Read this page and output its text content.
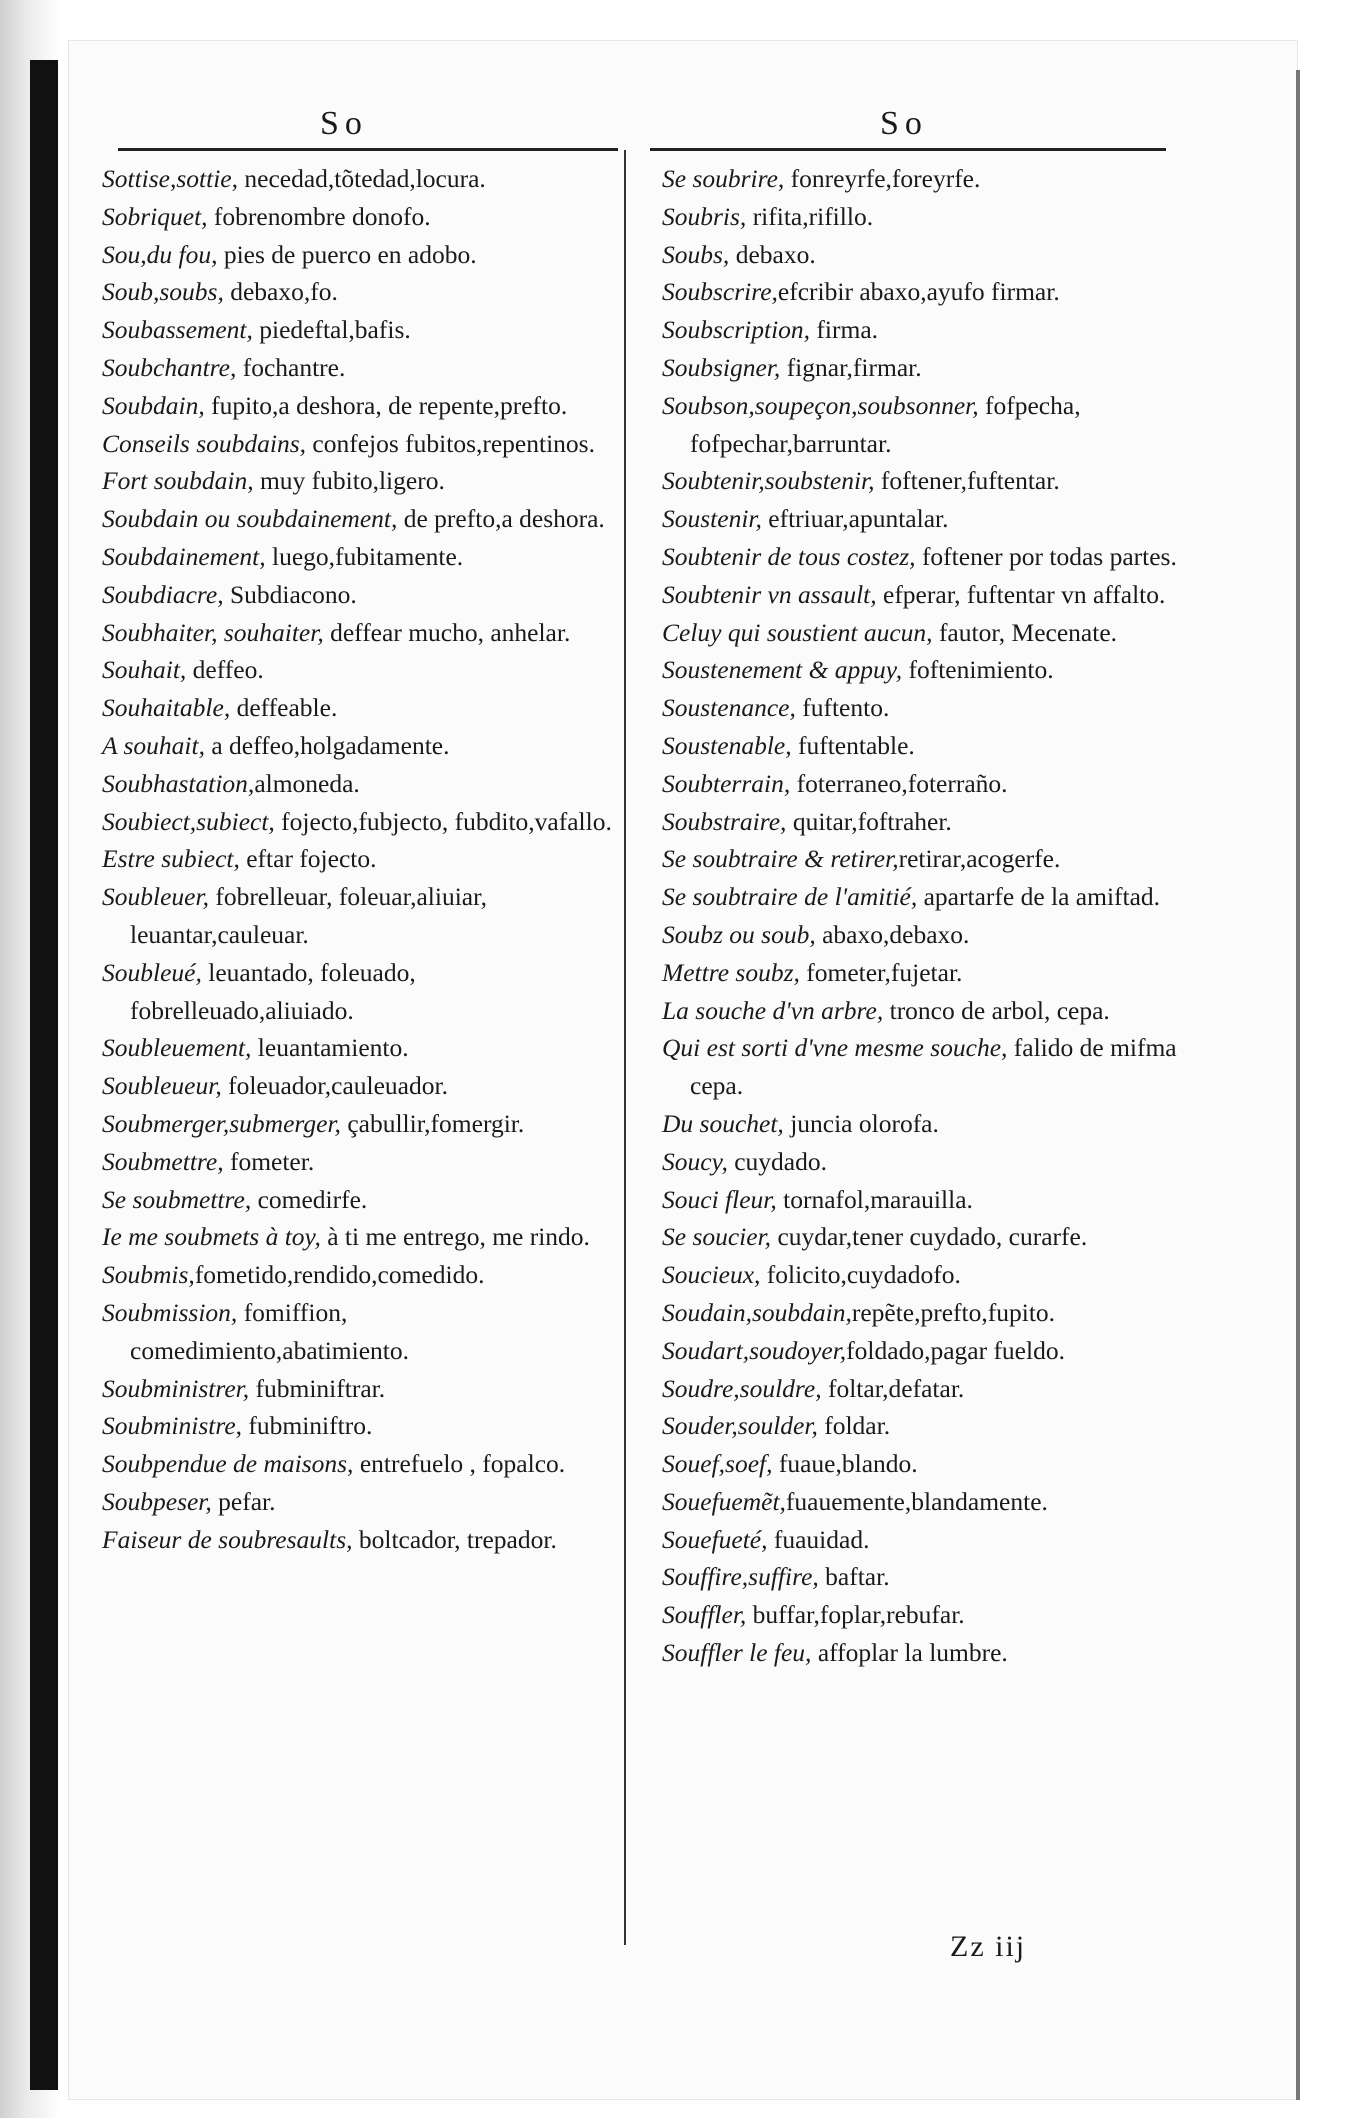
So	So

Sottise,sottie, necedad,tõtedad,locura.

Sobriquet, fobrenombre donofo.

Sou,du fou, pies de puerco en adobo.

Soub,soubs, debaxo,fo.

Soubassement, piedeftal,bafis.

Soubchantre, fochantre.

Soubdain, fupito,a deshora, de repente,prefto.

Conseils soubdains, confejos fubitos,repentinos.

Fort soubdain, muy fubito,ligero.

Soubdain ou soubdainement, de prefto,a deshora.

Soubdainement, luego,fubitamente.

Soubdiacre, Subdiacono.

Soubhaiter, souhaiter, deffear mucho, anhelar.

Souhait, deffeo.

Souhaitable, deffeable.

A souhait, a deffeo,holgadamente.

Soubhastation,almoneda.

Soubiect,subiect, fojecto,fubjecto, fubdito,vafallo.

Estre subiect, eftar fojecto.

Soubleuer, fobrelleuar, foleuar,aliuiar, leuantar,cauleuar.

Soubleué, leuantado, foleuado, fobrelleuado,aliuiado.

Soubleuement, leuantamiento.

Soubleueur, foleuador,cauleuador.

Soubmerger,submerger, çabullir,fomergir.

Soubmettre, fometer.

Se soubmettre, comedirfe.

Ie me soubmets à toy, à ti me entrego, me rindo.

Soubmis,fometido,rendido,comedido.

Soubmission, fomiffion, comedimiento,abatimiento.

Soubministrer, fubminiftrar.

Soubministre, fubminiftro.

Soubpendue de maisons, entrefuelo , fopalco.

Soubpeser, pefar.

Faiseur de soubresaults, boltcador, trepador.

Se soubrire, fonreyrfe,foreyrfe.

Soubris, rifita,rifillo.

Soubs, debaxo.

Soubscrire,efcribir abaxo,ayufo firmar.

Soubscription, firma.

Soubsigner, fignar,firmar.

Soubson,soupeçon,soubsonner, fofpecha, fofpechar,barruntar.

Soubtenir,soubstenir, foftener,fuftentar.

Soustenir, eftriuar,apuntalar.

Soubtenir de tous costez, foftener por todas partes.

Soubtenir vn assault, efperar, fuftentar vn affalto.

Celuy qui soustient aucun, fautor, Mecenate.

Soustenement & appuy, foftenimiento.

Soustenance, fuftento.

Soustenable, fuftentable.

Soubterrain, foterraneo,foterraño.

Soubstraire, quitar,foftraher.

Se soubtraire & retirer,retirar,acogerfe.

Se soubtraire de l'amitié, apartarfe de la amiftad.

Soubz ou soub, abaxo,debaxo.

Mettre soubz, fometer,fujetar.

La souche d'vn arbre, tronco de arbol, cepa.

Qui est sorti d'vne mesme souche, falido de mifma cepa.

Du souchet, juncia olorofa.

Soucy, cuydado.

Souci fleur, tornafol,marauilla.

Se soucier, cuydar,tener cuydado, curarfe.

Soucieux, folicito,cuydadofo.

Soudain,soubdain,repẽte,prefto,fupito.

Soudart,soudoyer,foldado,pagar fueldo.

Soudre,souldre, foltar,defatar.

Souder,soulder, foldar.

Souef,soef, fuaue,blando.

Souefuemẽt,fuauemente,blandamente.

Souefueté, fuauidad.

Souffire,suffire, baftar.

Souffler, buffar,foplar,rebufar.

Souffler le feu, affoplar la lumbre.

Zz iij
